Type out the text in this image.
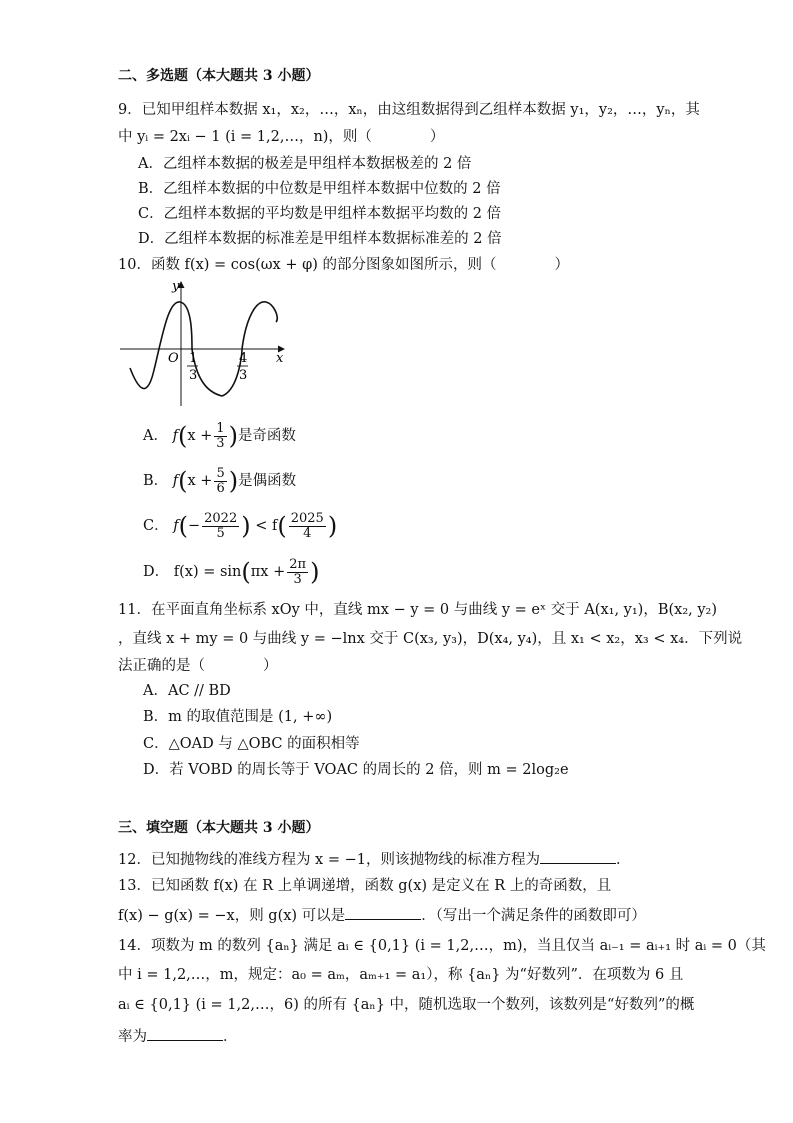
二、多选题（本大题共 3 小题）
9．已知甲组样本数据 x₁，x₂，…，xₙ，由这组数据得到乙组样本数据 y₁，y₂，…，yₙ，其
中 yᵢ = 2xᵢ − 1 (i = 1,2,…，n)，则（　　　　）
A．乙组样本数据的极差是甲组样本数据极差的 2 倍
B．乙组样本数据的中位数是甲组样本数据中位数的 2 倍
C．乙组样本数据的平均数是甲组样本数据平均数的 2 倍
D．乙组样本数据的标准差是甲组样本数据标准差的 2 倍
10．函数 f(x) = cos(ωx + φ) 的部分图象如图所示，则（　　　　）
y
x
O 1
3
4
3
A． $f(x + \frac{1}{3}$ )是奇函数
B． $f(x + \frac{5}{6}$ )是偶函数
C． $f(- \frac{2022}{5}$ ) < $f( \frac{2025}{4}$ )
D． $f(x) = \sin(\pi x + \frac{2\pi}{3}$ )
11．在平面直角坐标系 xOy 中，直线 mx − y = 0 与曲线 y = eˣ 交于 A(x₁, y₁)，B(x₂, y₂)
，直线 x + my = 0 与曲线 y = −lnx 交于 C(x₃, y₃)，D(x₄, y₄)，且 x₁ < x₂，x₃ < x₄．下列说
法正确的是（　　　　）
A．AC // BD
B．m 的取值范围是 (1, +∞)
C．△OAD 与 △OBC 的面积相等
D．若 VOBD 的周长等于 VOAC 的周长的 2 倍，则 m = 2log₂e
三、填空题（本大题共 3 小题）
12．已知抛物线的准线方程为 x = −1，则该抛物线的标准方程为	．
13．已知函数 f(x) 在 R 上单调递增，函数 g(x) 是定义在 R 上的奇函数，且
f(x) − g(x) = −x，则 g(x) 可以是	．（写出一个满足条件的函数即可）
14．项数为 m 的数列 {aₙ} 满足 aᵢ ∈ {0,1} (i = 1,2,…，m)，当且仅当 aᵢ₋₁ = aᵢ₊₁ 时 aᵢ = 0（其
中 i = 1,2,…，m，规定：a₀ = aₘ，aₘ₊₁ = a₁），称 {aₙ} 为“好数列”．在项数为 6 且
aᵢ ∈ {0,1} (i = 1,2,…，6) 的所有 {aₙ} 中，随机选取一个数列，该数列是“好数列”的概
率为	．
